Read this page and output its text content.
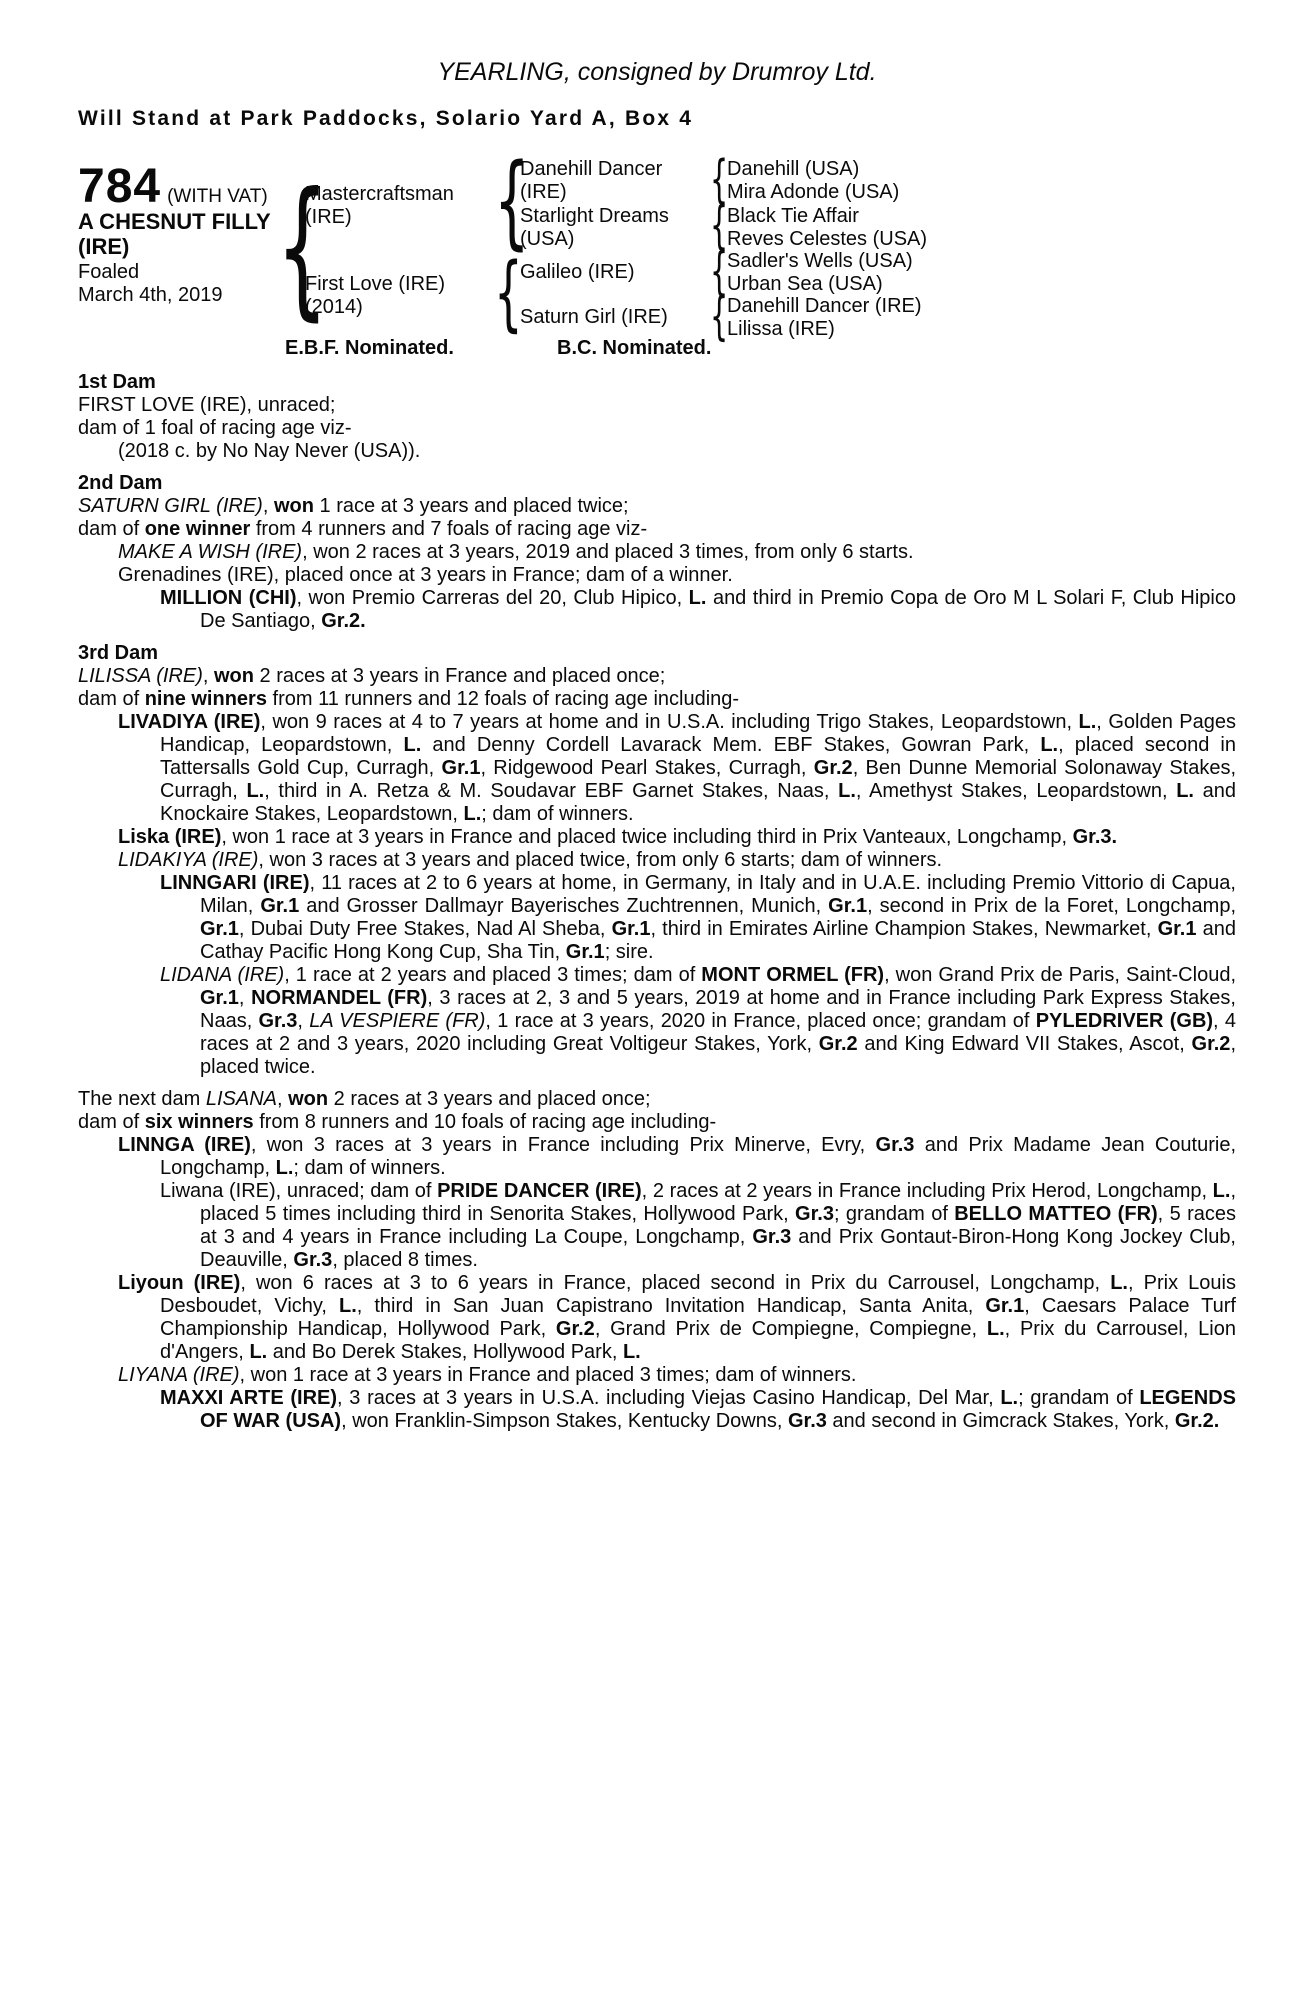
YEARLING, consigned by Drumroy Ltd.
Will Stand at Park Paddocks, Solario Yard A, Box 4
784 (WITH VAT)
A CHESNUT FILLY (IRE)
Foaled
March 4th, 2019
{
Mastercraftsman (IRE)
First Love (IRE) (2014)
{
{
Danehill Dancer (IRE)
Starlight Dreams (USA)
Galileo (IRE)
Saturn Girl (IRE)
{
{
{
{
Danehill (USA)
Mira Adonde (USA)
Black Tie Affair
Reves Celestes (USA)
Sadler's Wells (USA)
Urban Sea (USA)
Danehill Dancer (IRE)
Lilissa (IRE)
E.B.F. Nominated.	B.C. Nominated.
1st Dam

FIRST LOVE (IRE), unraced;

dam of 1 foal of racing age viz-

(2018 c. by No Nay Never (USA)).

2nd Dam

SATURN GIRL (IRE), won 1 race at 3 years and placed twice;

dam of one winner from 4 runners and 7 foals of racing age viz-

MAKE A WISH (IRE), won 2 races at 3 years, 2019 and placed 3 times, from only 6 starts.

Grenadines (IRE), placed once at 3 years in France; dam of a winner.

MILLION (CHI), won Premio Carreras del 20, Club Hipico, L. and third in Premio Copa de Oro M L Solari F, Club Hipico De Santiago, Gr.2.

3rd Dam

LILISSA (IRE), won 2 races at 3 years in France and placed once;

dam of nine winners from 11 runners and 12 foals of racing age including-

LIVADIYA (IRE), won 9 races at 4 to 7 years at home and in U.S.A. including Trigo Stakes, Leopardstown, L., Golden Pages Handicap, Leopardstown, L. and Denny Cordell Lavarack Mem. EBF Stakes, Gowran Park, L., placed second in Tattersalls Gold Cup, Curragh, Gr.1, Ridgewood Pearl Stakes, Curragh, Gr.2, Ben Dunne Memorial Solonaway Stakes, Curragh, L., third in A. Retza & M. Soudavar EBF Garnet Stakes, Naas, L., Amethyst Stakes, Leopardstown, L. and Knockaire Stakes, Leopardstown, L.; dam of winners.

Liska (IRE), won 1 race at 3 years in France and placed twice including third in Prix Vanteaux, Longchamp, Gr.3.

LIDAKIYA (IRE), won 3 races at 3 years and placed twice, from only 6 starts; dam of winners.

LINNGARI (IRE), 11 races at 2 to 6 years at home, in Germany, in Italy and in U.A.E. including Premio Vittorio di Capua, Milan, Gr.1 and Grosser Dallmayr Bayerisches Zuchtrennen, Munich, Gr.1, second in Prix de la Foret, Longchamp, Gr.1, Dubai Duty Free Stakes, Nad Al Sheba, Gr.1, third in Emirates Airline Champion Stakes, Newmarket, Gr.1 and Cathay Pacific Hong Kong Cup, Sha Tin, Gr.1; sire.

LIDANA (IRE), 1 race at 2 years and placed 3 times; dam of MONT ORMEL (FR), won Grand Prix de Paris, Saint-Cloud, Gr.1, NORMANDEL (FR), 3 races at 2, 3 and 5 years, 2019 at home and in France including Park Express Stakes, Naas, Gr.3, LA VESPIERE (FR), 1 race at 3 years, 2020 in France, placed once; grandam of PYLEDRIVER (GB), 4 races at 2 and 3 years, 2020 including Great Voltigeur Stakes, York, Gr.2 and King Edward VII Stakes, Ascot, Gr.2, placed twice.

The next dam LISANA, won 2 races at 3 years and placed once;

dam of six winners from 8 runners and 10 foals of racing age including-

LINNGA (IRE), won 3 races at 3 years in France including Prix Minerve, Evry, Gr.3 and Prix Madame Jean Couturie, Longchamp, L.; dam of winners.

Liwana (IRE), unraced; dam of PRIDE DANCER (IRE), 2 races at 2 years in France including Prix Herod, Longchamp, L., placed 5 times including third in Senorita Stakes, Hollywood Park, Gr.3; grandam of BELLO MATTEO (FR), 5 races at 3 and 4 years in France including La Coupe, Longchamp, Gr.3 and Prix Gontaut-Biron-Hong Kong Jockey Club, Deauville, Gr.3, placed 8 times.

Liyoun (IRE), won 6 races at 3 to 6 years in France, placed second in Prix du Carrousel, Longchamp, L., Prix Louis Desboudet, Vichy, L., third in San Juan Capistrano Invitation Handicap, Santa Anita, Gr.1, Caesars Palace Turf Championship Handicap, Hollywood Park, Gr.2, Grand Prix de Compiegne, Compiegne, L., Prix du Carrousel, Lion d'Angers, L. and Bo Derek Stakes, Hollywood Park, L.

LIYANA (IRE), won 1 race at 3 years in France and placed 3 times; dam of winners.

MAXXI ARTE (IRE), 3 races at 3 years in U.S.A. including Viejas Casino Handicap, Del Mar, L.; grandam of LEGENDS OF WAR (USA), won Franklin-Simpson Stakes, Kentucky Downs, Gr.3 and second in Gimcrack Stakes, York, Gr.2.
